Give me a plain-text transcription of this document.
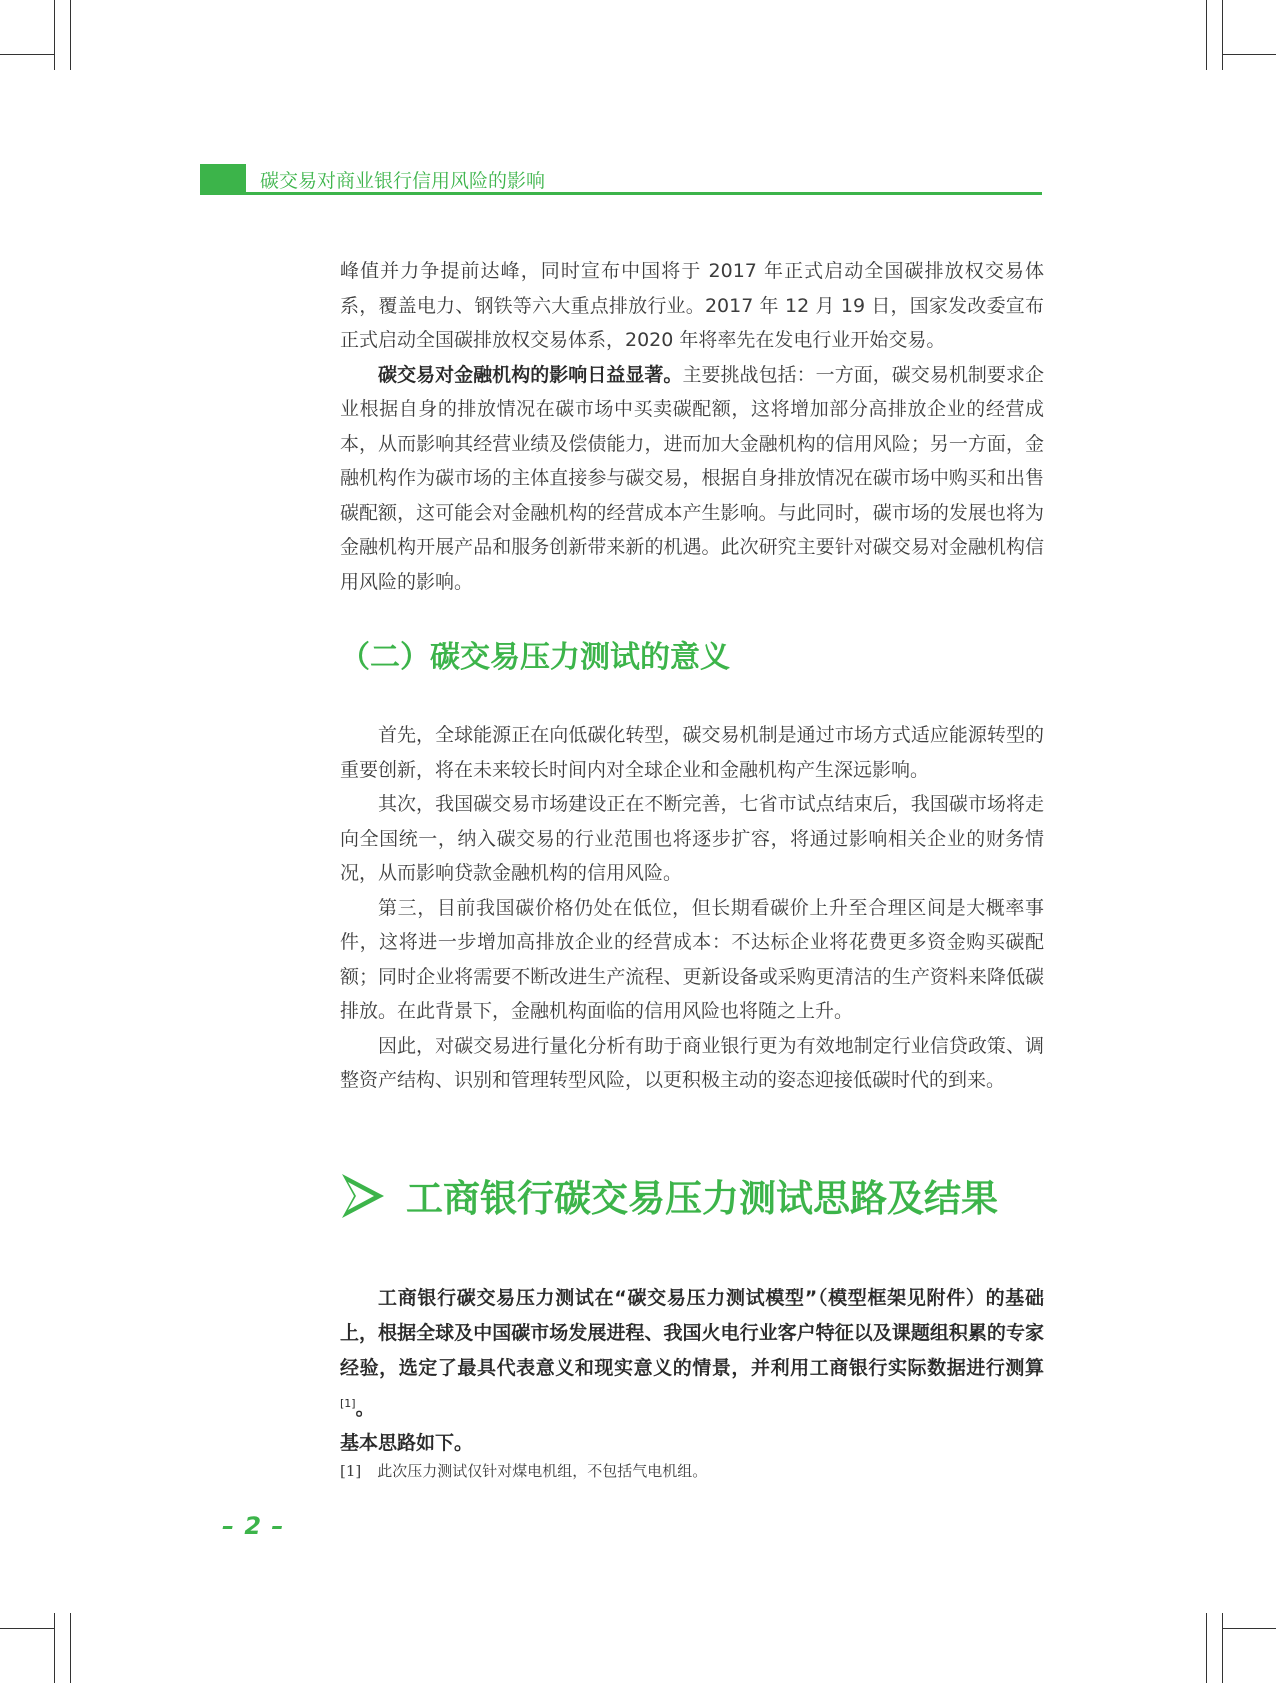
碳交易对商业银行信用风险的影响

峰值并力争提前达峰，同时宣布中国将于 2017 年正式启动全国碳排放权交易体系，覆盖电力、钢铁等六大重点排放行业。2017 年 12 月 19 日，国家发改委宣布正式启动全国碳排放权交易体系，2020 年将率先在发电行业开始交易。

碳交易对金融机构的影响日益显著。主要挑战包括：一方面，碳交易机制要求企业根据自身的排放情况在碳市场中买卖碳配额，这将增加部分高排放企业的经营成本，从而影响其经营业绩及偿债能力，进而加大金融机构的信用风险；另一方面，金融机构作为碳市场的主体直接参与碳交易，根据自身排放情况在碳市场中购买和出售碳配额，这可能会对金融机构的经营成本产生影响。与此同时，碳市场的发展也将为金融机构开展产品和服务创新带来新的机遇。此次研究主要针对碳交易对金融机构信用风险的影响。

（二）碳交易压力测试的意义

首先，全球能源正在向低碳化转型，碳交易机制是通过市场方式适应能源转型的重要创新，将在未来较长时间内对全球企业和金融机构产生深远影响。

其次，我国碳交易市场建设正在不断完善，七省市试点结束后，我国碳市场将走向全国统一，纳入碳交易的行业范围也将逐步扩容，将通过影响相关企业的财务情况，从而影响贷款金融机构的信用风险。

第三，目前我国碳价格仍处在低位，但长期看碳价上升至合理区间是大概率事件，这将进一步增加高排放企业的经营成本：不达标企业将花费更多资金购买碳配额；同时企业将需要不断改进生产流程、更新设备或采购更清洁的生产资料来降低碳排放。在此背景下，金融机构面临的信用风险也将随之上升。

因此，对碳交易进行量化分析有助于商业银行更为有效地制定行业信贷政策、调整资产结构、识别和管理转型风险，以更积极主动的姿态迎接低碳时代的到来。

工商银行碳交易压力测试思路及结果

工商银行碳交易压力测试在“碳交易压力测试模型”（模型框架见附件）的基础上，根据全球及中国碳市场发展进程、我国火电行业客户特征以及课题组积累的专家经验，选定了最具代表意义和现实意义的情景，并利用工商银行实际数据进行测算 [1]。

基本思路如下。

[1] 此次压力测试仅针对煤电机组，不包括气电机组。
– 2 –
